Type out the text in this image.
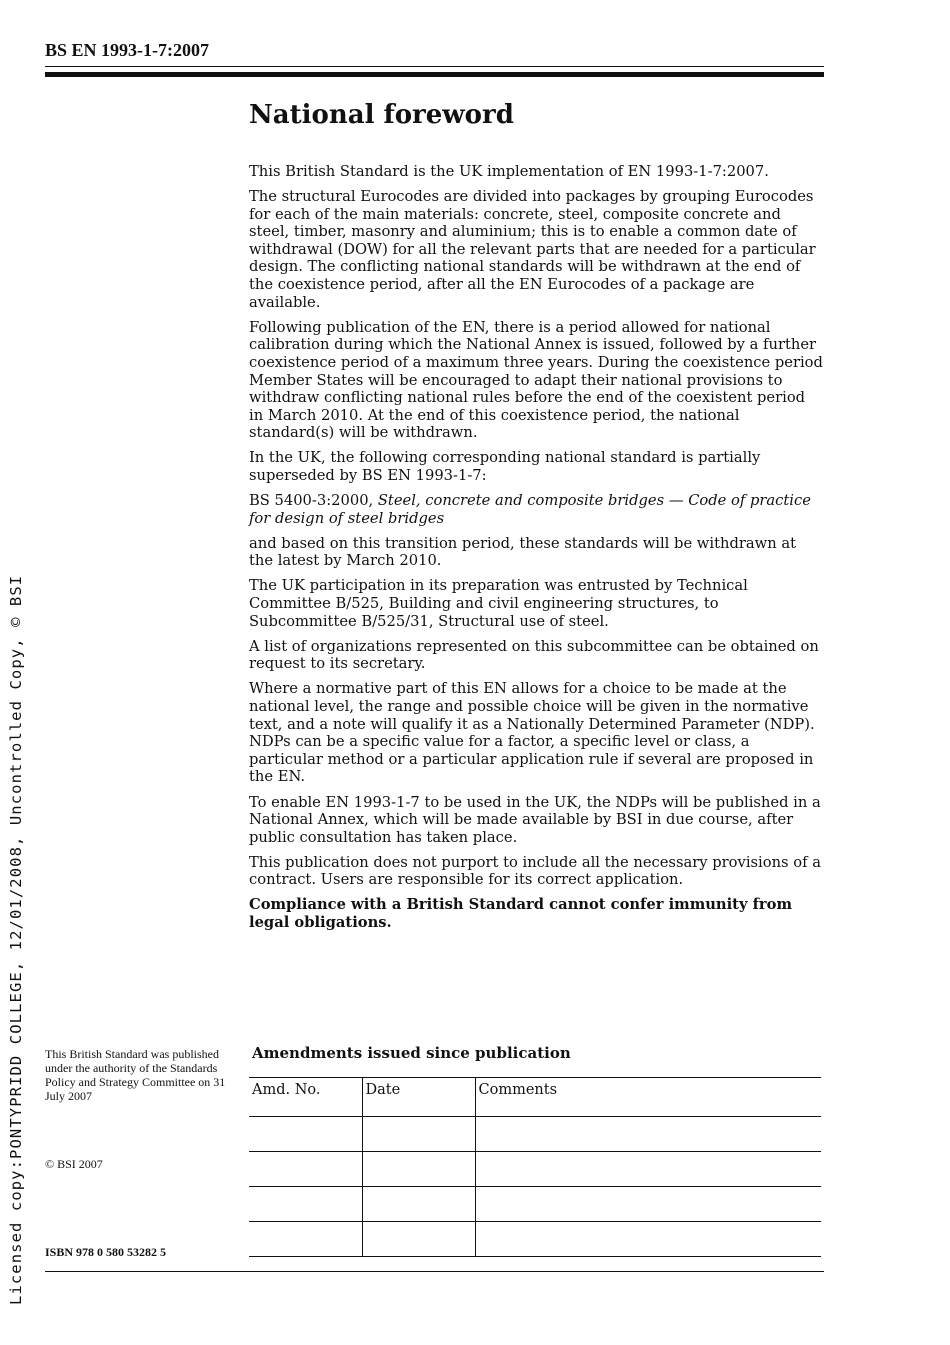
BS EN 1993-1-7:2007
National foreword

This British Standard is the UK implementation of EN 1993-1-7:2007.

The structural Eurocodes are divided into packages by grouping Eurocodes for each of the main materials: concrete, steel, composite concrete and steel, timber, masonry and aluminium; this is to enable a common date of withdrawal (DOW) for all the relevant parts that are needed for a particular design. The conflicting national standards will be withdrawn at the end of the coexistence period, after all the EN Eurocodes of a package are available.

Following publication of the EN, there is a period allowed for national calibration during which the National Annex is issued, followed by a further coexistence period of a maximum three years. During the coexistence period Member States will be encouraged to adapt their national provisions to withdraw conflicting national rules before the end of the coexistent period in March 2010. At the end of this coexistence period, the national standard(s) will be withdrawn.

In the UK, the following corresponding national standard is partially superseded by BS EN 1993-1-7:

BS 5400-3:2000, Steel, concrete and composite bridges — Code of practice for design of steel bridges

and based on this transition period, these standards will be withdrawn at the latest by March 2010.

The UK participation in its preparation was entrusted by Technical Committee B/525, Building and civil engineering structures, to Subcommittee B/525/31, Structural use of steel.

A list of organizations represented on this subcommittee can be obtained on request to its secretary.

Where a normative part of this EN allows for a choice to be made at the national level, the range and possible choice will be given in the normative text, and a note will qualify it as a Nationally Determined Parameter (NDP). NDPs can be a specific value for a factor, a specific level or class, a particular method or a particular application rule if several are proposed in the EN.

To enable EN 1993-1-7 to be used in the UK, the NDPs will be published in a National Annex, which will be made available by BSI in due course, after public consultation has taken place.

This publication does not purport to include all the necessary provisions of a contract. Users are responsible for its correct application.

Compliance with a British Standard cannot confer immunity from legal obligations.

This British Standard was published under the authority of the Standards Policy and Strategy Committee on 31 July 2007
© BSI 2007
ISBN 978 0 580 53282 5
Amendments issued since publication
Amd. No.	Date	Comments

Licensed copy:PONTYPRIDD COLLEGE, 12/01/2008, Uncontrolled Copy, © BSI
